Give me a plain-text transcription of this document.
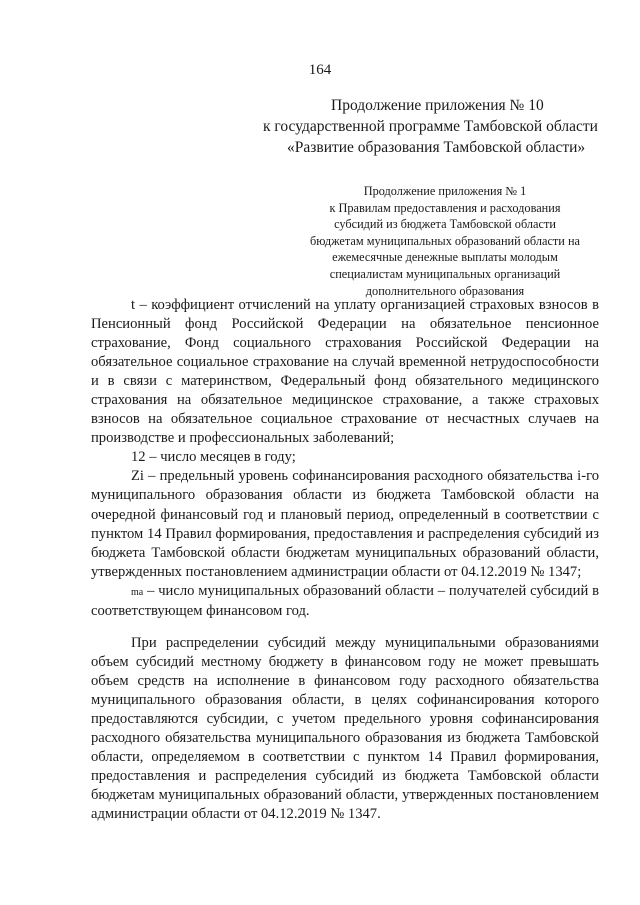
164
Продолжение приложения № 10
к государственной программе Тамбовской области
«Развитие образования Тамбовской области»
Продолжение приложения № 1
к Правилам предоставления и расходования
субсидий из бюджета Тамбовской области
бюджетам муниципальных образований области на
ежемесячные денежные выплаты молодым
специалистам муниципальных организаций
дополнительного образования

t – коэффициент отчислений на уплату организацией страховых взносов в Пенсионный фонд Российской Федерации на обязательное пенсионное страхование, Фонд социального страхования Российской Федерации на обязательное социальное страхование на случай временной нетрудоспособности и в связи с материнством, Федеральный фонд обязательного медицинского страхования на обязательное медицинское страхование, а также страховых взносов на обязательное социальное страхование от несчастных случаев на производстве и профессиональных заболеваний;

12 – число месяцев в году;

Zi – предельный уровень софинансирования расходного обязательства i-го муниципального образования области из бюджета Тамбовской области на очередной финансовый год и плановый период, определенный в соответствии с пунктом 14 Правил формирования, предоставления и распределения субсидий из бюджета Тамбовской области бюджетам муниципальных образований области, утвержденных постановлением администрации области от 04.12.2019 № 1347;

ma – число муниципальных образований области – получателей субсидий в соответствующем финансовом год.

При распределении субсидий между муниципальными образованиями объем субсидий местному бюджету в финансовом году не может превышать объем средств на исполнение в финансовом году расходного обязательства муниципального образования области, в целях софинансирования которого предоставляются субсидии, с учетом предельного уровня софинансирования расходного обязательства муниципального образования из бюджета Тамбовской области, определяемом в соответствии с пунктом 14 Правил формирования, предоставления и распределения субсидий из бюджета Тамбовской области бюджетам муниципальных образований области, утвержденных постановлением администрации области от 04.12.2019 № 1347.
